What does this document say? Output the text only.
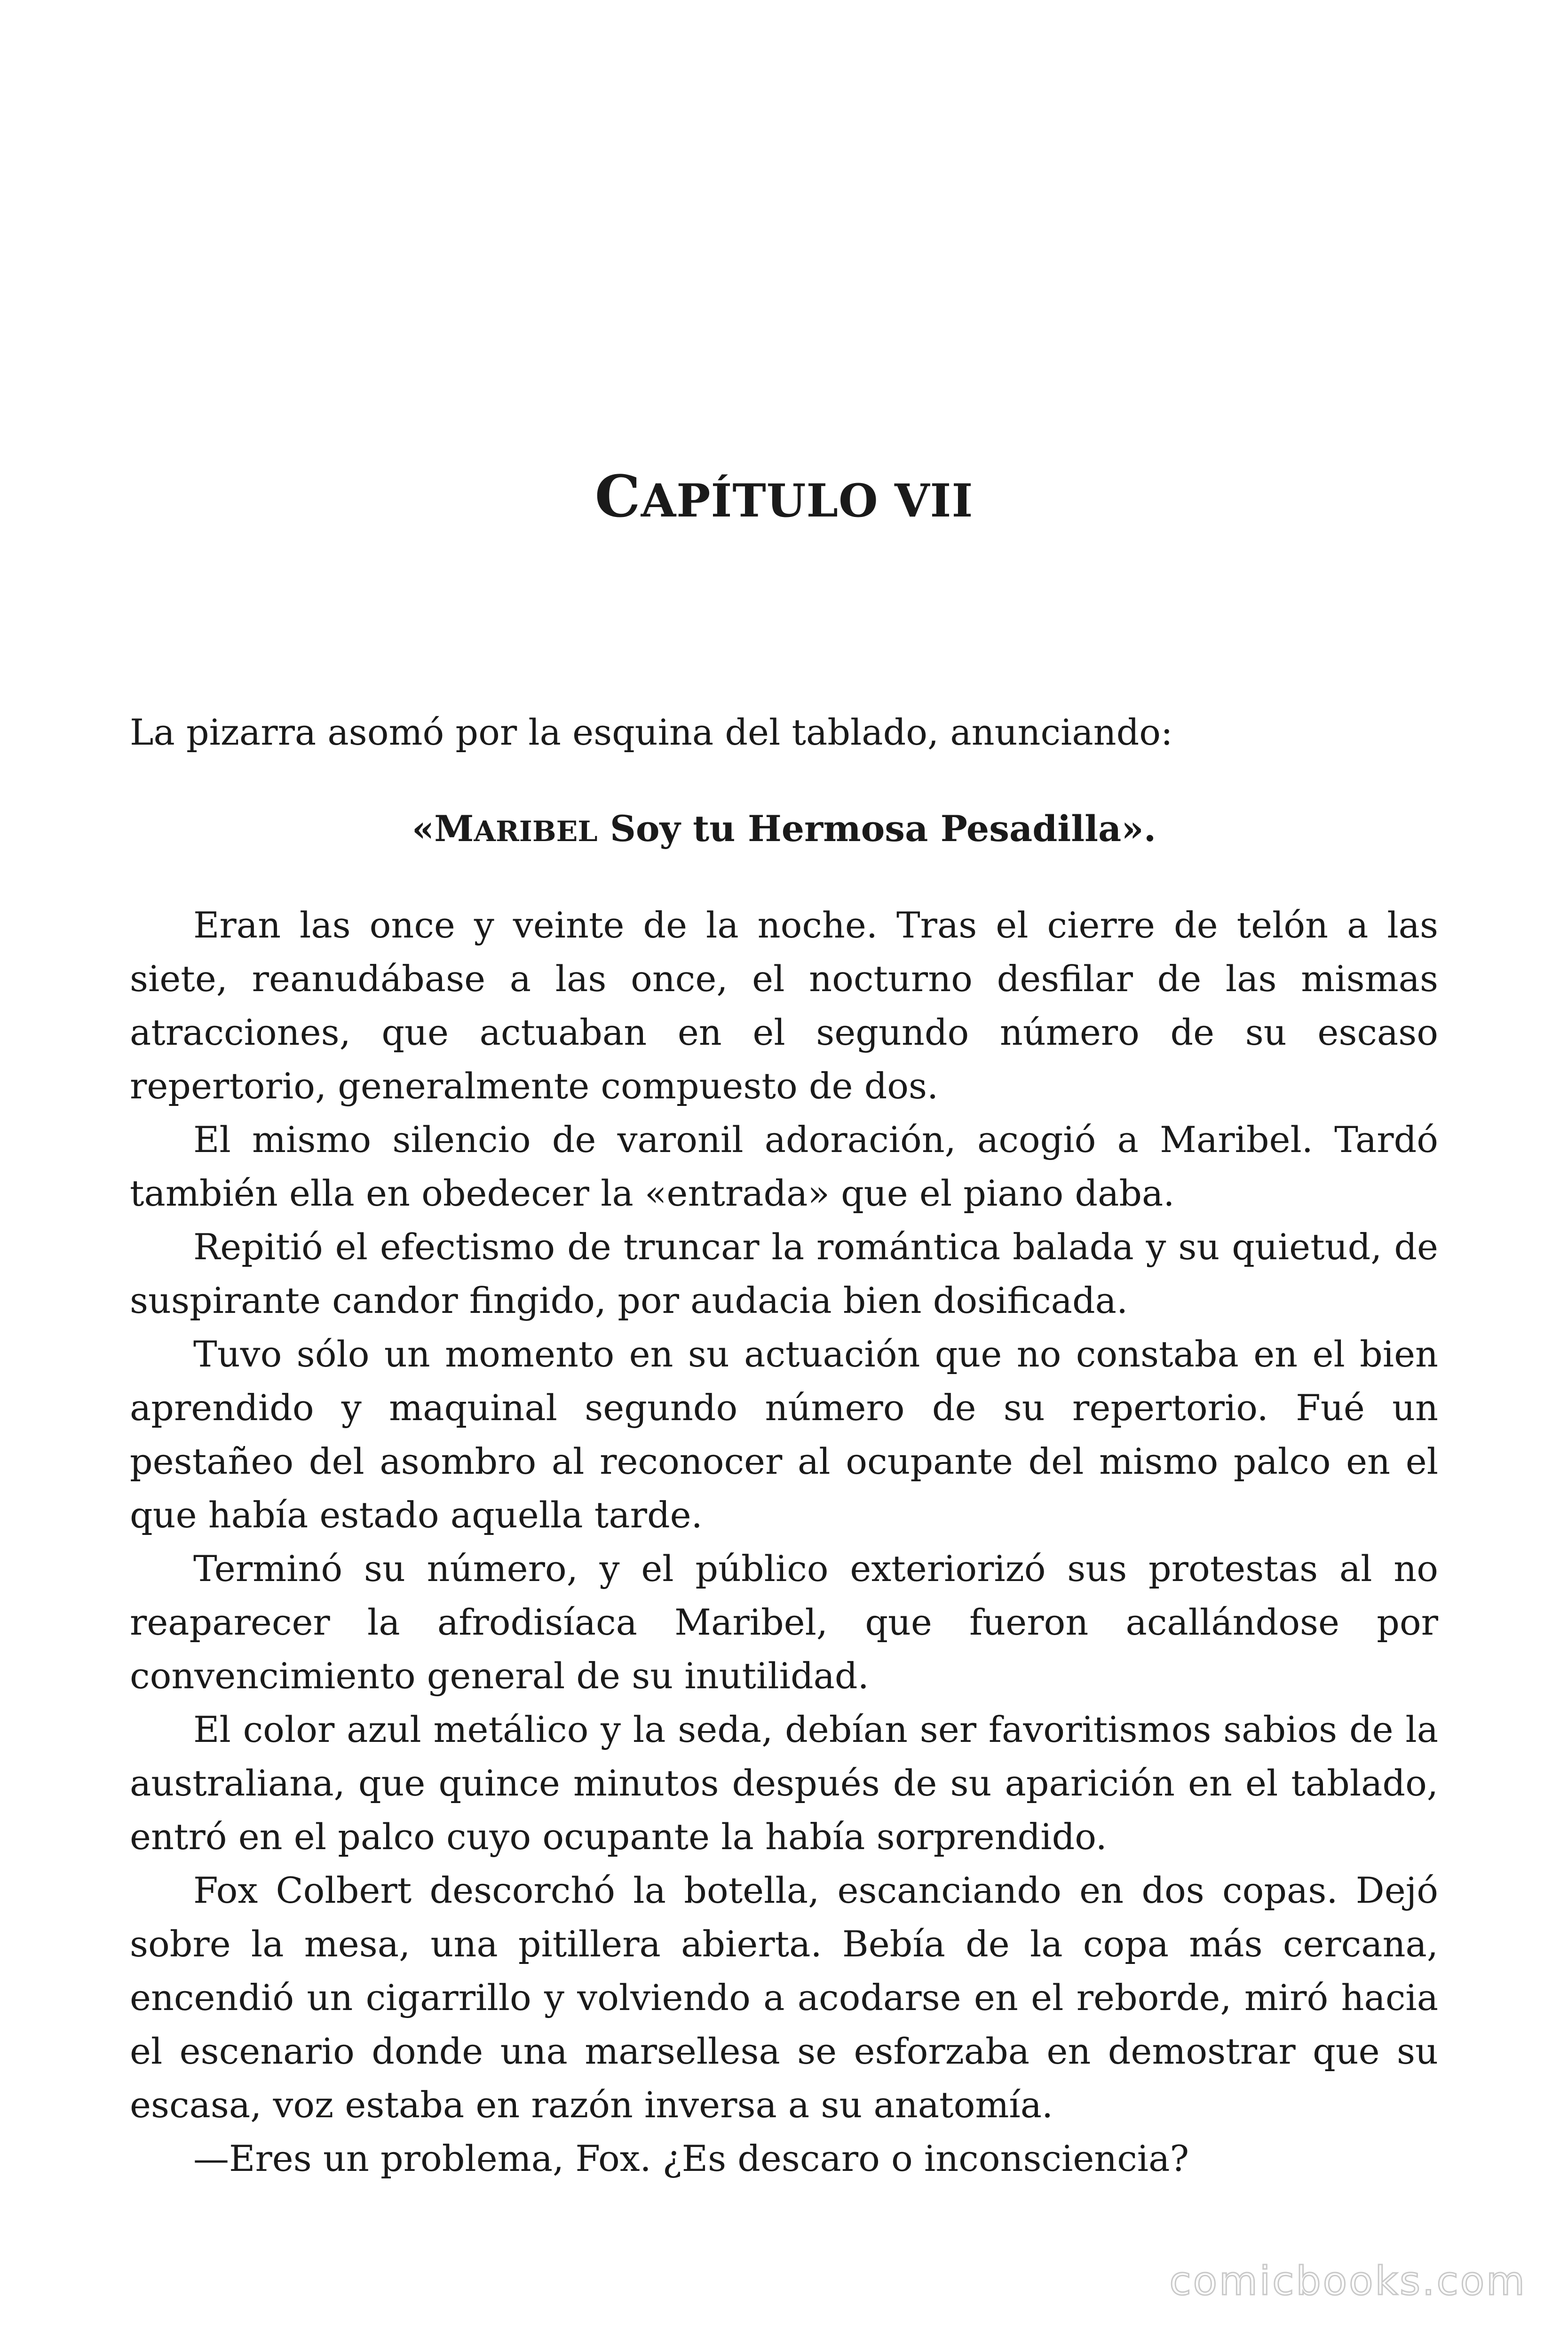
CAPÍTULO VII
La pizarra asomó por la esquina del tablado, anunciando:
«MARIBEL Soy tu Hermosa Pesadilla».

Eran las once y veinte de la noche. Tras el cierre de telón a las siete, reanudábase a las once, el nocturno desfilar de las mismas atracciones, que actuaban en el segundo número de su escaso repertorio, generalmente compuesto de dos.

El mismo silencio de varonil adoración, acogió a Maribel. Tardó también ella en obedecer la «entrada» que el piano daba.

Repitió el efectismo de truncar la romántica balada y su quietud, de suspirante candor fingido, por audacia bien dosificada.

Tuvo sólo un momento en su actuación que no constaba en el bien aprendido y maquinal segundo número de su repertorio. Fué un pestañeo del asombro al reconocer al ocupante del mismo palco en el que había estado aquella tarde.

Terminó su número, y el público exteriorizó sus protestas al no reaparecer la afrodisíaca Maribel, que fueron acallándose por convencimiento general de su inutilidad.

El color azul metálico y la seda, debían ser favoritismos sabios de la australiana, que quince minutos después de su aparición en el tablado, entró en el palco cuyo ocupante la había sorprendido.

Fox Colbert descorchó la botella, escanciando en dos copas. Dejó sobre la mesa, una pitillera abierta. Bebía de la copa más cercana, encendió un cigarrillo y volviendo a acodarse en el reborde, miró hacia el escenario donde una marsellesa se esforzaba en demostrar que su escasa, voz estaba en razón inversa a su anatomía.

—Eres un problema, Fox. ¿Es descaro o inconsciencia?

comicbooks.com
